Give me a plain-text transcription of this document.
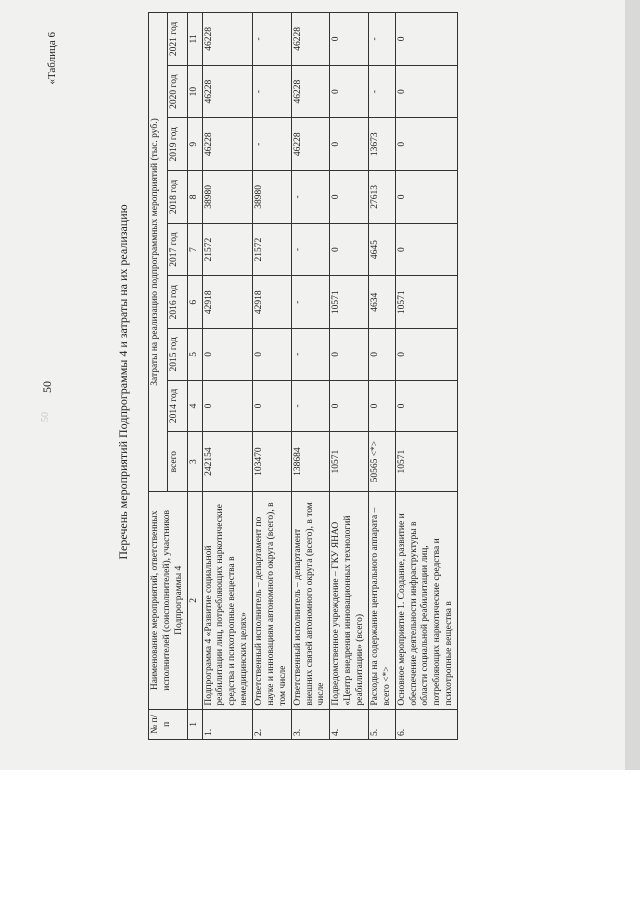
50
50
«Таблица 6
Перечень мероприятий Подпрограммы 4 и затраты на их реализацию
№ п/п	Наименование мероприятий, ответственных исполнителей (соисполнителей), участников Подпрограммы 4	Затраты на реализацию подпрограммных мероприятий (тыс. руб.)								
		всего	2014 год	2015 год	2016 год	2017 год	2018 год	2019 год	2020 год	2021 год
1	2	3	4	5	6	7	8	9	10	11
1.	Подпрограмма 4 «Развитие социальной реабилитации лиц, потребляющих наркотические средства и психотропные вещества в немедицинских целях»	242154	0	0	42918	21572	38980	46228	46228	46228
2.	Ответственный исполнитель – департамент по науке и инновациям автономного округа (всего), в том числе	103470	0	0	42918	21572	38980	-	-	-
3.	Ответственный исполнитель – департамент внешних связей автономного округа (всего), в том числе	138684	-	-	-	-	-	46228	46228	46228
4.	Подведомственное учреждение – ГКУ ЯНАО «Центр внедрения инновационных технологий реабилитации» (всего)	10571	0	0	10571	0	0	0	0	0
5.	Расходы на содержание центрального аппарата – всего <*>	50565 <*>	0	0	4634	4645	27613	13673	-	-
6.	Основное мероприятие 1. Создание, развитие и обеспечение деятельности инфраструктуры в области социальной реабилитации лиц, потребляющих наркотические средства и психотропные вещества в	10571	0	0	10571	0	0	0	0	0
